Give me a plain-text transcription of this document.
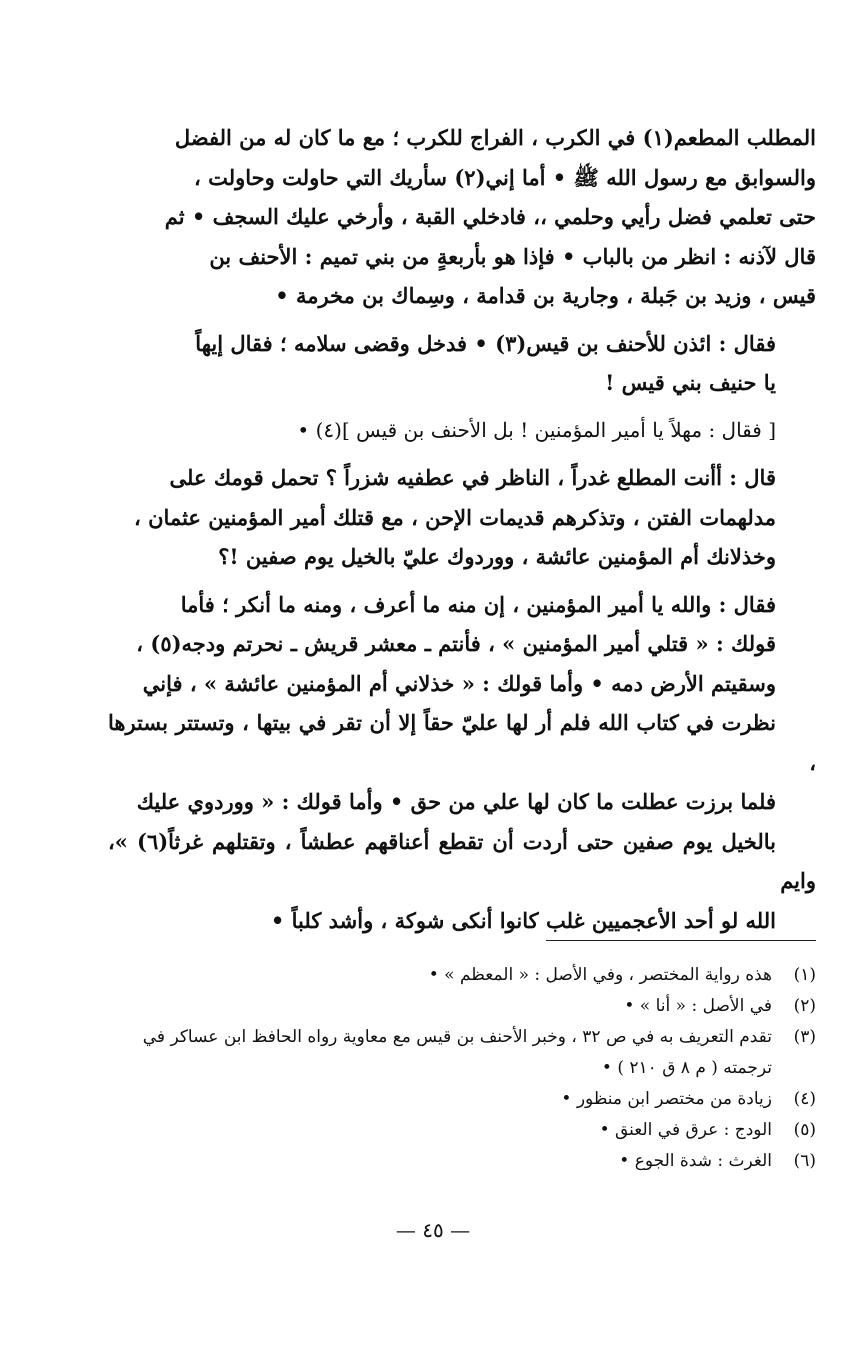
المطلب المطعم(١) في الكرب ، الفراج للكرب ؛ مع ما كان له من الفضل
والسوابق مع رسول الله ﷺ • أما إني(٢) سأريك التي حاولت وحاولت ،
حتى تعلمي فضل رأيي وحلمي ،، فادخلي القبة ، وأرخي عليك السجف • ثم
قال لآذنه : انظر من بالباب • فإذا هو بأربعةٍ من بني تميم : الأحنف بن
قيس ، وزيد بن جَبلة ، وجارية بن قدامة ، وسِماك بن مخرمة •
فقال : ائذن للأحنف بن قيس(٣) • فدخل وقضى سلامه ؛ فقال إيهاً
يا حنيف بني قيس !
[ فقال : مهلاً يا أمير المؤمنين ! بل الأحنف بن قيس ](٤) •
قال : أأنت المطلع غدراً ، الناظر في عطفيه شزراً ؟ تحمل قومك على
مدلهمات الفتن ، وتذكرهم قديمات الإحن ، مع قتلك أمير المؤمنين عثمان ،
وخذلانك أم المؤمنين عائشة ، ووردوك عليّ بالخيل يوم صفين !؟
فقال : والله يا أمير المؤمنين ، إن منه ما أعرف ، ومنه ما أنكر ؛ فأما
قولك : « قتلي أمير المؤمنين » ، فأنتم ـ معشر قريش ـ نحرتم ودجه(٥) ،
وسقيتم الأرض دمه • وأما قولك : « خذلاني أم المؤمنين عائشة » ، فإني
نظرت في كتاب الله فلم أر لها عليّ حقاً إلا أن تقر في بيتها ، وتستتر بسترها ،
فلما برزت عطلت ما كان لها علي من حق • وأما قولك : « ووردوي عليك
بالخيل يوم صفين حتى أردت أن تقطع أعناقهم عطشاً ، وتقتلهم غرثاً(٦) »، وايم
الله لو أحد الأعجميين غلب كانوا أنكى شوكة ، وأشد كلباً •
(١)
هذه رواية المختصر ، وفي الأصل : « المعظم » •
(٢)
في الأصل : « أنا » •
(٣)
تقدم التعريف به في ص ٣٢ ، وخبر الأحنف بن قيس مع معاوية رواه الحافظ ابن عساكر في ترجمته ( م ٨ ق ٢١٠ ) •
(٤)
زيادة من مختصر ابن منظور •
(٥)
الودج : عرق في العنق •
(٦)
الغرث : شدة الجوع •
— ٤٥ —
